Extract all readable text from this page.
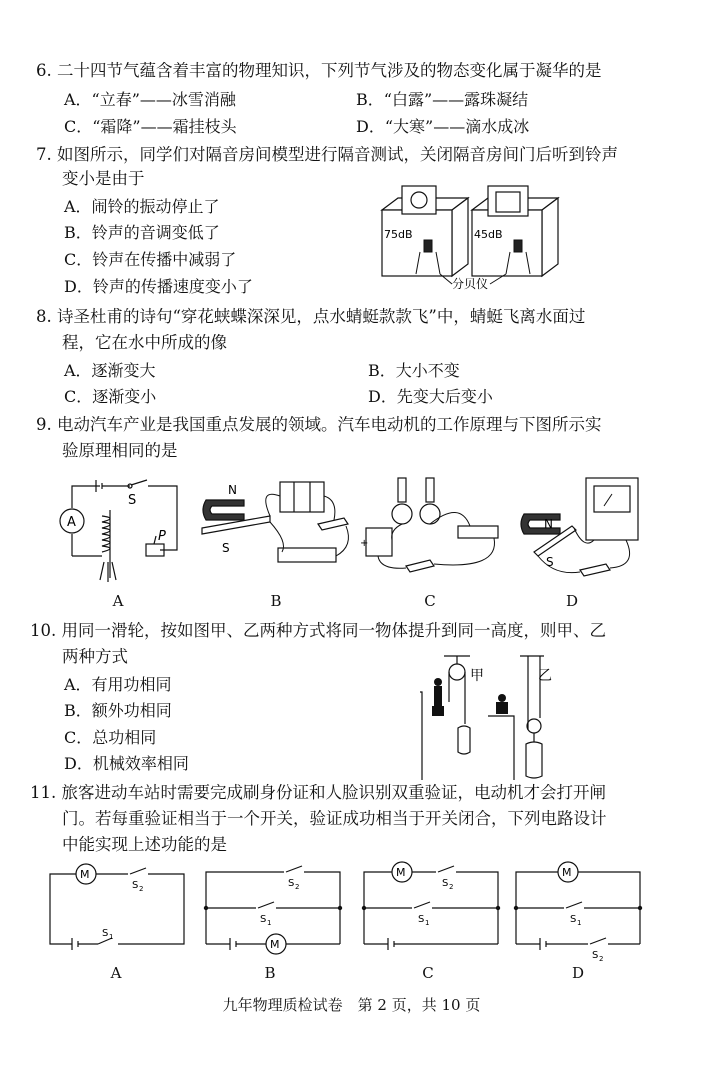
6. 二十四节气蕴含着丰富的物理知识，下列节气涉及的物态变化属于凝华的是
A．“立春”——冰雪消融	B．“白露”——露珠凝结
C．“霜降”——霜挂枝头	D．“大寒”——滴水成冰
7. 如图所示，同学们对隔音房间模型进行隔音测试，关闭隔音房间门后听到铃声
变小是由于
A．闹铃的振动停止了
B．铃声的音调变低了
C．铃声在传播中减弱了
D．铃声的传播速度变小了
75dB	45dB
分贝仪
8. 诗圣杜甫的诗句“穿花蛱蝶深深见，点水蜻蜓款款飞”中，蜻蜓飞离水面过
程，它在水中所成的像
A．逐渐变大	B．大小不变
C．逐渐变小	D．先变大后变小
9. 电动汽车产业是我国重点发展的领域。汽车电动机的工作原理与下图所示实
验原理相同的是
A
S
P
A
N
S
B
+
C
N
S
D
10. 用同一滑轮，按如图甲、乙两种方式将同一物体提升到同一高度，则甲、乙
两种方式
A．有用功相同
B．额外功相同
C．总功相同
D．机械效率相同
甲	乙
11. 旅客进动车站时需要完成刷身份证和人脸识别双重验证，电动机才会打开闸
门。若每重验证相当于一个开关，验证成功相当于开关闭合，下列电路设计
中能实现上述功能的是
M
S 2
S 1
A
M
S 2
S 1
B
M
S 2
S 1
C
M
S 1
S 2
D
九年物理质检试卷　第 2 页，共 10 页
